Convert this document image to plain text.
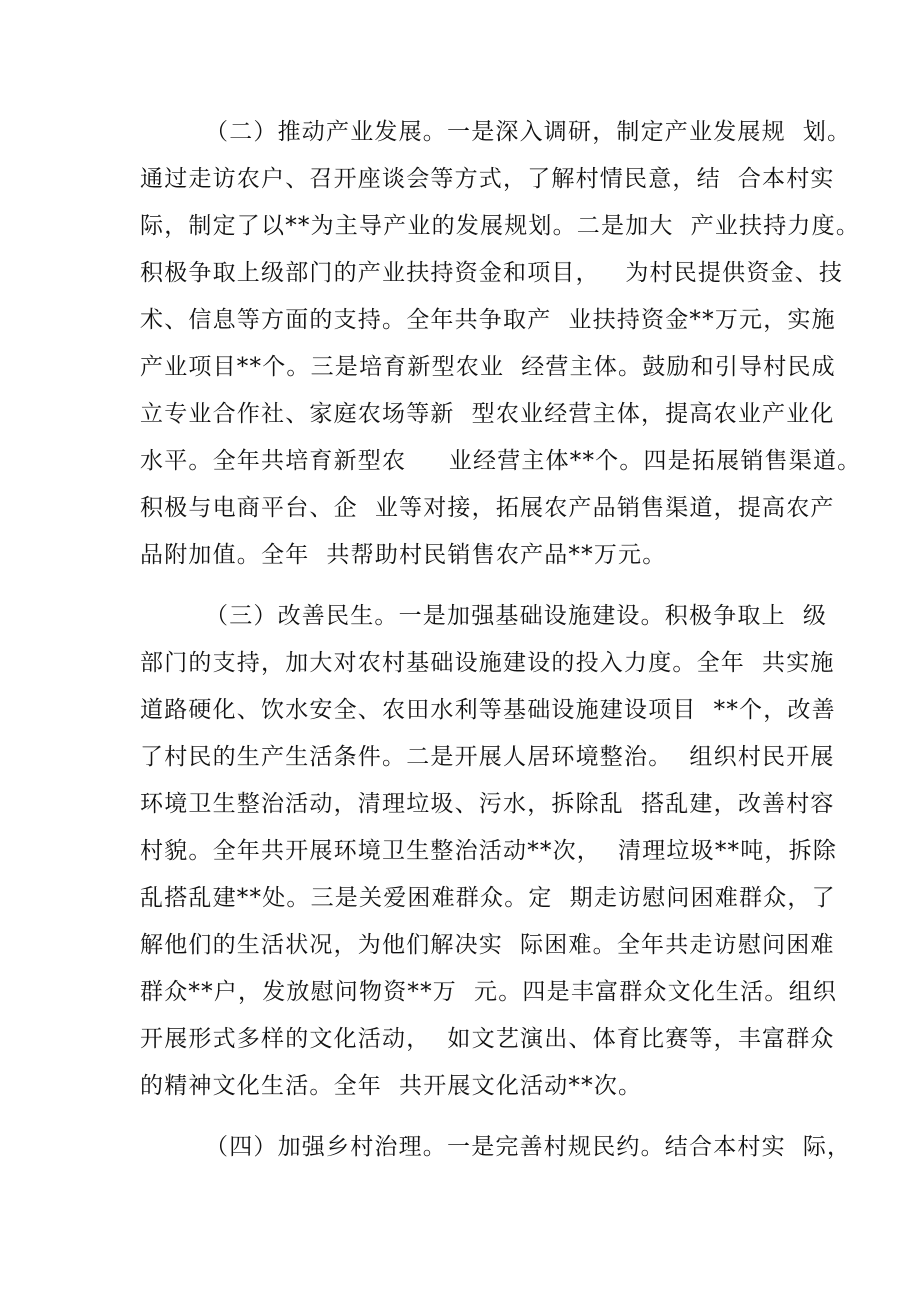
（二）推动产业发展。一是深入调研，制定产业发展规  划。
通过走访农户、召开座谈会等方式，了解村情民意，结  合本村实
际，制定了以**为主导产业的发展规划。二是加大  产业扶持力度。
积极争取上级部门的产业扶持资金和项目，   为村民提供资金、技
术、信息等方面的支持。全年共争取产  业扶持资金**万元，实施
产业项目**个。三是培育新型农业  经营主体。鼓励和引导村民成
立专业合作社、家庭农场等新  型农业经营主体，提高农业产业化
水平。全年共培育新型农     业经营主体**个。四是拓展销售渠道。
积极与电商平台、企  业等对接，拓展农产品销售渠道，提高农产
品附加值。全年  共帮助村民销售农产品**万元。
（三）改善民生。一是加强基础设施建设。积极争取上  级
部门的支持，加大对农村基础设施建设的投入力度。全年  共实施
道路硬化、饮水安全、农田水利等基础设施建设项目  **个，改善
了村民的生产生活条件。二是开展人居环境整治。  组织村民开展
环境卫生整治活动，清理垃圾、污水，拆除乱  搭乱建，改善村容
村貌。全年共开展环境卫生整治活动**次，  清理垃圾**吨，拆除
乱搭乱建**处。三是关爱困难群众。定  期走访慰问困难群众，了
解他们的生活状况，为他们解决实  际困难。全年共走访慰问困难
群众**户，发放慰问物资**万  元。四是丰富群众文化生活。组织
开展形式多样的文化活动，  如文艺演出、体育比赛等，丰富群众
的精神文化生活。全年  共开展文化活动**次。
（四）加强乡村治理。一是完善村规民约。结合本村实  际，
